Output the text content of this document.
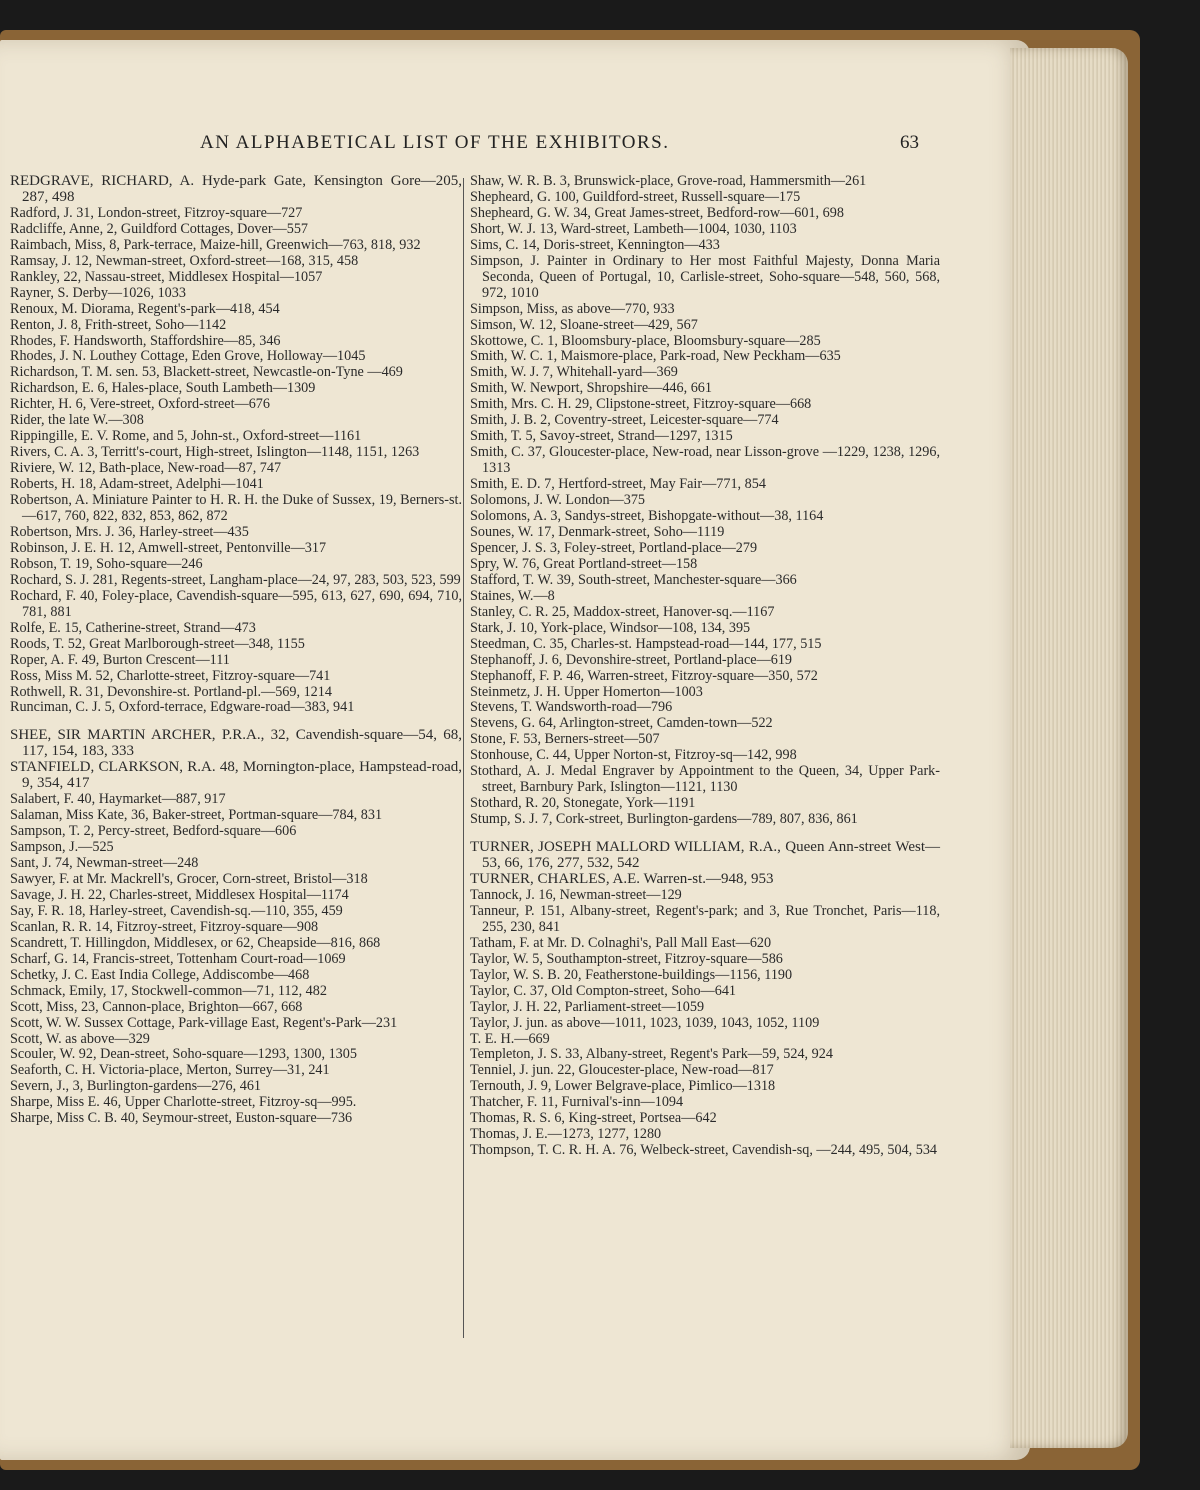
AN ALPHABETICAL LIST OF THE EXHIBITORS.	63

REDGRAVE, RICHARD, A. Hyde-park Gate, Kensington Gore—205, 287, 498

Radford, J. 31, London-street, Fitzroy-square—727

Radcliffe, Anne, 2, Guildford Cottages, Dover—557

Raimbach, Miss, 8, Park-terrace, Maize-hill, Greenwich—763, 818, 932

Ramsay, J. 12, Newman-street, Oxford-street—168, 315, 458

Rankley, 22, Nassau-street, Middlesex Hospital—1057

Rayner, S. Derby—1026, 1033

Renoux, M. Diorama, Regent's-park—418, 454

Renton, J. 8, Frith-street, Soho—1142

Rhodes, F. Handsworth, Staffordshire—85, 346

Rhodes, J. N. Louthey Cottage, Eden Grove, Holloway—1045

Richardson, T. M. sen. 53, Blackett-street, Newcastle-on-Tyne —469

Richardson, E. 6, Hales-place, South Lambeth—1309

Richter, H. 6, Vere-street, Oxford-street—676

Rider, the late W.—308

Rippingille, E. V. Rome, and 5, John-st., Oxford-street—1161

Rivers, C. A. 3, Territt's-court, High-street, Islington—1148, 1151, 1263

Riviere, W. 12, Bath-place, New-road—87, 747

Roberts, H. 18, Adam-street, Adelphi—1041

Robertson, A. Miniature Painter to H. R. H. the Duke of Sussex, 19, Berners-st.—617, 760, 822, 832, 853, 862, 872

Robertson, Mrs. J. 36, Harley-street—435

Robinson, J. E. H. 12, Amwell-street, Pentonville—317

Robson, T. 19, Soho-square—246

Rochard, S. J. 281, Regents-street, Langham-place—24, 97, 283, 503, 523, 599

Rochard, F. 40, Foley-place, Cavendish-square—595, 613, 627, 690, 694, 710, 781, 881

Rolfe, E. 15, Catherine-street, Strand—473

Roods, T. 52, Great Marlborough-street—348, 1155

Roper, A. F. 49, Burton Crescent—111

Ross, Miss M. 52, Charlotte-street, Fitzroy-square—741

Rothwell, R. 31, Devonshire-st. Portland-pl.—569, 1214

Runciman, C. J. 5, Oxford-terrace, Edgware-road—383, 941

SHEE, SIR MARTIN ARCHER, P.R.A., 32, Cavendish-square—54, 68, 117, 154, 183, 333

STANFIELD, CLARKSON, R.A. 48, Mornington-place, Hampstead-road, 9, 354, 417

Salabert, F. 40, Haymarket—887, 917

Salaman, Miss Kate, 36, Baker-street, Portman-square—784, 831

Sampson, T. 2, Percy-street, Bedford-square—606

Sampson, J.—525

Sant, J. 74, Newman-street—248

Sawyer, F. at Mr. Mackrell's, Grocer, Corn-street, Bristol—318

Savage, J. H. 22, Charles-street, Middlesex Hospital—1174

Say, F. R. 18, Harley-street, Cavendish-sq.—110, 355, 459

Scanlan, R. R. 14, Fitzroy-street, Fitzroy-square—908

Scandrett, T. Hillingdon, Middlesex, or 62, Cheapside—816, 868

Scharf, G. 14, Francis-street, Tottenham Court-road—1069

Schetky, J. C. East India College, Addiscombe—468

Schmack, Emily, 17, Stockwell-common—71, 112, 482

Scott, Miss, 23, Cannon-place, Brighton—667, 668

Scott, W. W. Sussex Cottage, Park-village East, Regent's-Park—231

Scott, W. as above—329

Scouler, W. 92, Dean-street, Soho-square—1293, 1300, 1305

Seaforth, C. H. Victoria-place, Merton, Surrey—31, 241

Severn, J., 3, Burlington-gardens—276, 461

Sharpe, Miss E. 46, Upper Charlotte-street, Fitzroy-sq—995.

Sharpe, Miss C. B. 40, Seymour-street, Euston-square—736

Shaw, W. R. B. 3, Brunswick-place, Grove-road, Hammersmith—261

Shepheard, G. 100, Guildford-street, Russell-square—175

Shepheard, G. W. 34, Great James-street, Bedford-row—601, 698

Short, W. J. 13, Ward-street, Lambeth—1004, 1030, 1103

Sims, C. 14, Doris-street, Kennington—433

Simpson, J. Painter in Ordinary to Her most Faithful Majesty, Donna Maria Seconda, Queen of Portugal, 10, Carlisle-street, Soho-square—548, 560, 568, 972, 1010

Simpson, Miss, as above—770, 933

Simson, W. 12, Sloane-street—429, 567

Skottowe, C. 1, Bloomsbury-place, Bloomsbury-square—285

Smith, W. C. 1, Maismore-place, Park-road, New Peckham—635

Smith, W. J. 7, Whitehall-yard—369

Smith, W. Newport, Shropshire—446, 661

Smith, Mrs. C. H. 29, Clipstone-street, Fitzroy-square—668

Smith, J. B. 2, Coventry-street, Leicester-square—774

Smith, T. 5, Savoy-street, Strand—1297, 1315

Smith, C. 37, Gloucester-place, New-road, near Lisson-grove —1229, 1238, 1296, 1313

Smith, E. D. 7, Hertford-street, May Fair—771, 854

Solomons, J. W. London—375

Solomons, A. 3, Sandys-street, Bishopgate-without—38, 1164

Sounes, W. 17, Denmark-street, Soho—1119

Spencer, J. S. 3, Foley-street, Portland-place—279

Spry, W. 76, Great Portland-street—158

Stafford, T. W. 39, South-street, Manchester-square—366

Staines, W.—8

Stanley, C. R. 25, Maddox-street, Hanover-sq.—1167

Stark, J. 10, York-place, Windsor—108, 134, 395

Steedman, C. 35, Charles-st. Hampstead-road—144, 177, 515

Stephanoff, J. 6, Devonshire-street, Portland-place—619

Stephanoff, F. P. 46, Warren-street, Fitzroy-square—350, 572

Steinmetz, J. H. Upper Homerton—1003

Stevens, T. Wandsworth-road—796

Stevens, G. 64, Arlington-street, Camden-town—522

Stone, F. 53, Berners-street—507

Stonhouse, C. 44, Upper Norton-st, Fitzroy-sq—142, 998

Stothard, A. J. Medal Engraver by Appointment to the Queen, 34, Upper Park-street, Barnbury Park, Islington—1121, 1130

Stothard, R. 20, Stonegate, York—1191

Stump, S. J. 7, Cork-street, Burlington-gardens—789, 807, 836, 861

TURNER, JOSEPH MALLORD WILLIAM, R.A., Queen Ann-street West—53, 66, 176, 277, 532, 542

TURNER, CHARLES, A.E. Warren-st.—948, 953

Tannock, J. 16, Newman-street—129

Tanneur, P. 151, Albany-street, Regent's-park; and 3, Rue Tronchet, Paris—118, 255, 230, 841

Tatham, F. at Mr. D. Colnaghi's, Pall Mall East—620

Taylor, W. 5, Southampton-street, Fitzroy-square—586

Taylor, W. S. B. 20, Featherstone-buildings—1156, 1190

Taylor, C. 37, Old Compton-street, Soho—641

Taylor, J. H. 22, Parliament-street—1059

Taylor, J. jun. as above—1011, 1023, 1039, 1043, 1052, 1109

T. E. H.—669

Templeton, J. S. 33, Albany-street, Regent's Park—59, 524, 924

Tenniel, J. jun. 22, Gloucester-place, New-road—817

Ternouth, J. 9, Lower Belgrave-place, Pimlico—1318

Thatcher, F. 11, Furnival's-inn—1094

Thomas, R. S. 6, King-street, Portsea—642

Thomas, J. E.—1273, 1277, 1280

Thompson, T. C. R. H. A. 76, Welbeck-street, Cavendish-sq, —244, 495, 504, 534
